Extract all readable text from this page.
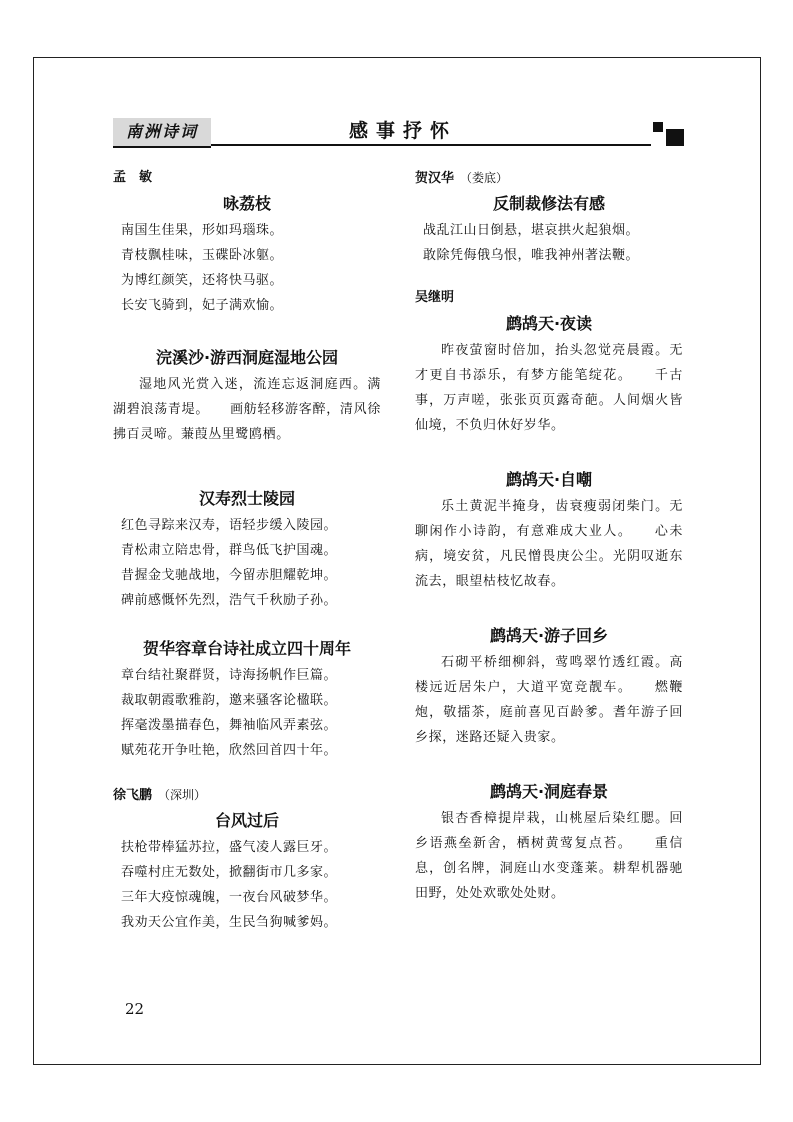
南洲诗词	感事抒怀
孟　敏
咏荔枝
南国生佳果，形如玛瑙珠。
青枝飘桂味，玉碟卧冰躯。
为博红颜笑，还将快马驱。
长安飞骑到，妃子满欢愉。
浣溪沙·游西洞庭湿地公园
湿地风光赏入迷，流连忘返洞庭西。满湖碧浪荡青堤。　　画舫轻移游客醉，清风徐拂百灵啼。蒹葭丛里鹭鸥栖。
汉寿烈士陵园
红色寻踪来汉寿，语轻步缓入陵园。
青松肃立陪忠骨，群鸟低飞护国魂。
昔握金戈驰战地，今留赤胆耀乾坤。
碑前感慨怀先烈，浩气千秋励子孙。
贺华容章台诗社成立四十周年
章台结社聚群贤，诗海扬帆作巨篇。
裁取朝霞歌雅韵，邀来骚客论楹联。
挥毫泼墨描春色，舞袖临风弄素弦。
赋苑花开争吐艳，欣然回首四十年。
徐飞鹏 （深圳）
台风过后
扶枪带棒猛苏拉，盛气凌人露巨牙。
吞噬村庄无数处，掀翻街市几多家。
三年大疫惊魂魄，一夜台风破梦华。
我劝天公宜作美，生民刍狗喊爹妈。
贺汉华 （娄底）
反制裁修法有感
战乱江山日倒悬，堪哀拱火起狼烟。
敢除凭侮俄乌恨，唯我神州著法鞭。
吴继明
鹧鸪天·夜读
昨夜萤窗时倍加，抬头忽觉亮晨霞。无才更自书添乐，有梦方能笔绽花。　　千古事，万声嗟，张张页页露奇葩。人间烟火皆仙境，不负归休好岁华。
鹧鸪天·自嘲
乐土黄泥半掩身，齿衰瘦弱闭柴门。无聊闲作小诗韵，有意难成大业人。　　心未病，境安贫，凡民憎畏庚公尘。光阴叹逝东流去，眼望枯枝忆故春。
鹧鸪天·游子回乡
石砌平桥细柳斜，莺鸣翠竹透红霞。高楼远近居朱户，大道平宽竞靓车。　　燃鞭炮，敬擂茶，庭前喜见百龄爹。耆年游子回乡探，迷路还疑入贵家。
鹧鸪天·洞庭春景
银杏香樟提岸栽，山桃屋后染红腮。回乡语燕垒新舍，栖树黄莺复点苔。　　重信息，创名牌，洞庭山水变蓬莱。耕犁机器驰田野，处处欢歌处处财。
22
